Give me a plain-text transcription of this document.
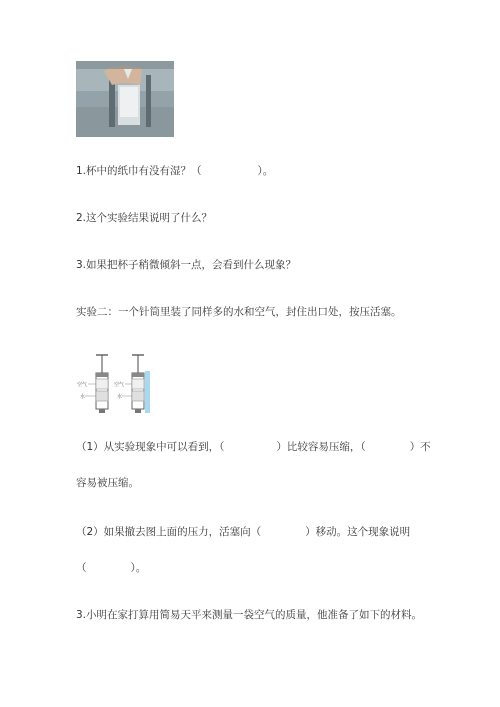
1.杯中的纸巾有没有湿？（	）。
2.这个实验结果说明了什么？
3.如果把杯子稍微倾斜一点，会看到什么现象？
实验二：一个针筒里装了同样多的水和空气，封住出口处，按压活塞。
空气
水
空气
水
（1）从实验现象中可以看到，（	）比较容易压缩，（	）不
容易被压缩。
（2）如果撤去图上面的压力，活塞向（	）移动。这个现象说明
（	）。
3.小明在家打算用简易天平来测量一袋空气的质量，他准备了如下的材料。
